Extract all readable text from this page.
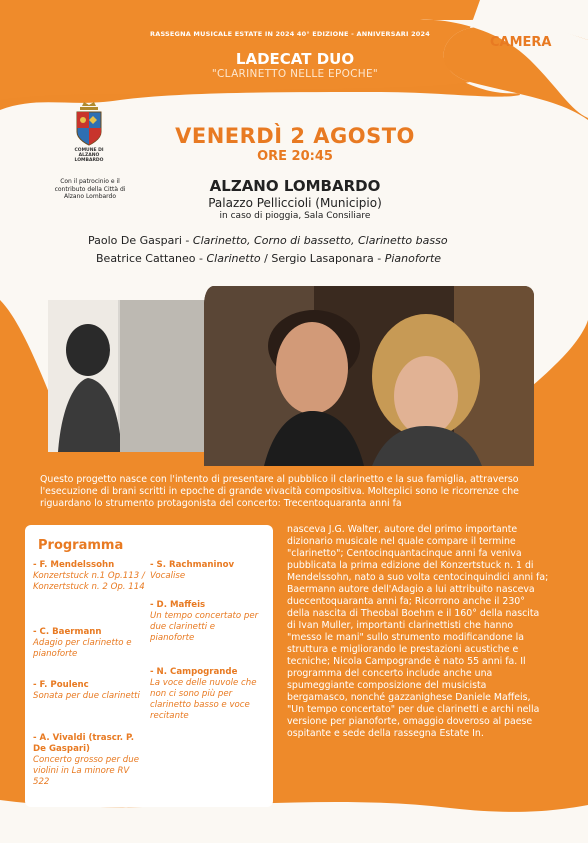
RASSEGNA MUSICALE ESTATE IN 2024 40° EDIZIONE - ANNIVERSARI 2024
CAMERA
LADECAT DUO
"CLARINETTO NELLE EPOCHE"
COMUNE DI ALZANO LOMBARDO
Con il patrocinio e il contributo della Città di Alzano Lombardo
VENERDÌ 2 AGOSTO
ORE 20:45
ALZANO LOMBARDO
Palazzo Pelliccioli (Municipio)
in caso di pioggia, Sala Consiliare
Paolo De Gaspari - Clarinetto, Corno di bassetto, Clarinetto basso
Beatrice Cattaneo - Clarinetto / Sergio Lasaponara - Pianoforte
Questo progetto nasce con l'intento di presentare al pubblico il clarinetto e la sua famiglia, attraverso l'esecuzione di brani scritti in epoche di grande vivacità compositiva. Molteplici sono le ricorrenze che riguardano lo strumento protagonista del concerto: Trecentoquaranta anni fa
nasceva J.G. Walter, autore del primo importante dizionario musicale nel quale compare il termine "clarinetto"; Centocinquantacinque anni fa veniva pubblicata la prima edizione del Konzertstuck n. 1 di Mendelssohn, nato a suo volta centocinquindici anni fa; Baermann autore dell'Adagio a lui attribuito nasceva duecentoquaranta anni fa; Ricorrono anche il 230° della nascita di Theobal Boehm e il 160° della nascita di Ivan Muller, importanti clarinettisti che hanno "messo le mani" sullo strumento modificandone la struttura e migliorando le prestazioni acustiche e tecniche; Nicola Campogrande è nato 55 anni fa. Il programma del concerto include anche una spumeggiante composizione del musicista bergamasco, nonché gazzanighese Daniele Maffeis, "Un tempo concertato" per due clarinetti e archi nella versione per pianoforte, omaggio doveroso al paese ospitante e sede della rassegna Estate In.
Programma
- F. Mendelssohn
Konzertstuck n.1 Op.113 / Konzertstuck n. 2 Op. 114
- C. Baermann
Adagio per clarinetto e pianoforte
- F. Poulenc
Sonata per due clarinetti
- A. Vivaldi (trascr. P. De Gaspari)
Concerto grosso per due violini in La minore RV 522
- S. Rachmaninov
Vocalise
- D. Maffeis
Un tempo concertato per due clarinetti e pianoforte
- N. Campogrande
La voce delle nuvole che non ci sono più per clarinetto basso e voce recitante
